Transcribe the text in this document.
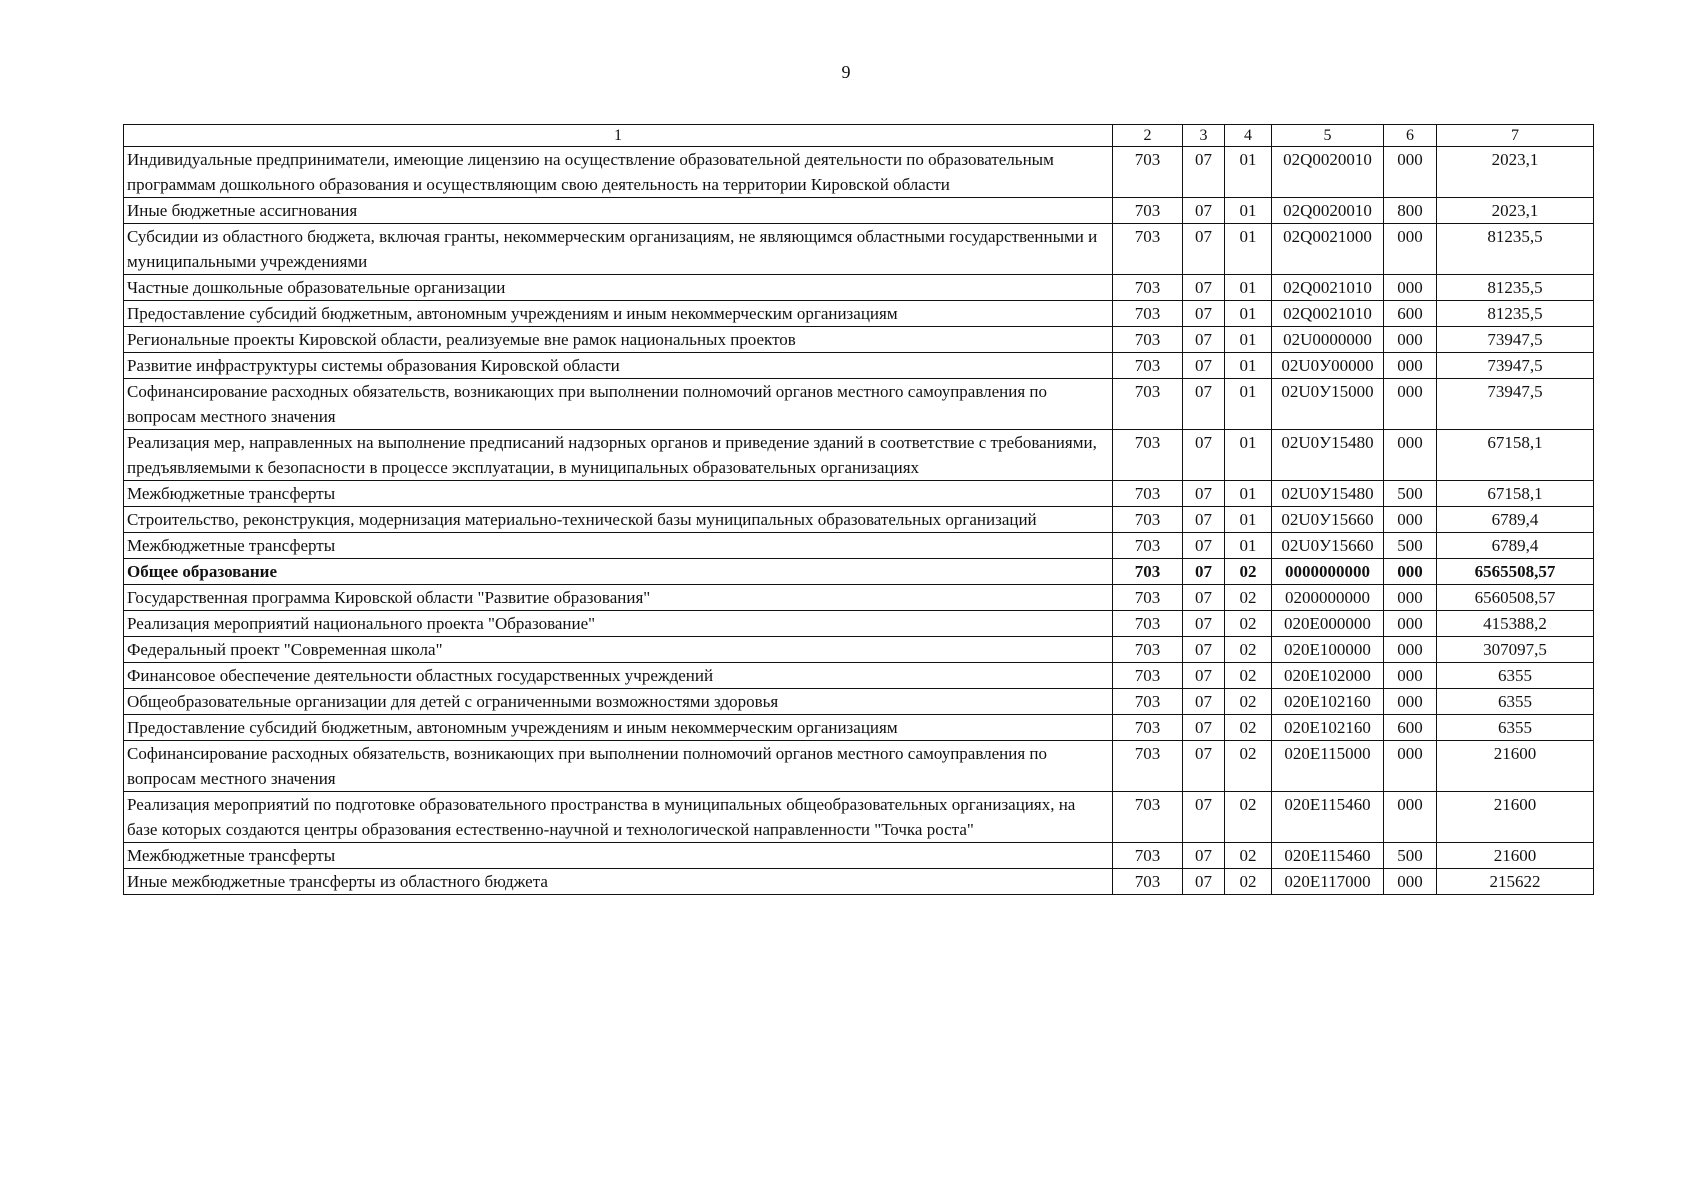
9
1	2	3	4	5	6	7
Индивидуальные предприниматели, имеющие лицензию на осуществление образовательной деятельности по образовательным программам дошкольного образования и осуществляющим свою деятельность на территории Кировской области	703	07	01	02Q0020010	000	2023,1
Иные бюджетные ассигнования	703	07	01	02Q0020010	800	2023,1
Субсидии из областного бюджета, включая гранты, некоммерческим организациям, не являющимся областными государственными и муниципальными учреждениями	703	07	01	02Q0021000	000	81235,5
Частные дошкольные образовательные организации	703	07	01	02Q0021010	000	81235,5
Предоставление субсидий бюджетным, автономным учреждениям и иным некоммерческим организациям	703	07	01	02Q0021010	600	81235,5
Региональные проекты Кировской области, реализуемые вне рамок национальных проектов	703	07	01	02U0000000	000	73947,5
Развитие инфраструктуры системы образования Кировской области	703	07	01	02U0У00000	000	73947,5
Софинансирование расходных обязательств, возникающих при выполнении полномочий органов местного самоуправления по вопросам местного значения	703	07	01	02U0У15000	000	73947,5
Реализация мер, направленных на выполнение предписаний надзорных органов и приведение зданий в соответствие с требованиями, предъявляемыми к безопасности в процессе эксплуатации, в муниципальных образовательных организациях	703	07	01	02U0У15480	000	67158,1
Межбюджетные трансферты	703	07	01	02U0У15480	500	67158,1
Строительство, реконструкция, модернизация материально-технической базы муниципальных образовательных организаций	703	07	01	02U0У15660	000	6789,4
Межбюджетные трансферты	703	07	01	02U0У15660	500	6789,4
Общее образование	703	07	02	0000000000	000	6565508,57
Государственная программа Кировской области "Развитие образования"	703	07	02	0200000000	000	6560508,57
Реализация мероприятий национального проекта "Образование"	703	07	02	020E000000	000	415388,2
Федеральный проект "Современная школа"	703	07	02	020E100000	000	307097,5
Финансовое обеспечение деятельности областных государственных учреждений	703	07	02	020E102000	000	6355
Общеобразовательные организации для детей с ограниченными возможностями здоровья	703	07	02	020E102160	000	6355
Предоставление субсидий бюджетным, автономным учреждениям и иным некоммерческим организациям	703	07	02	020E102160	600	6355
Софинансирование расходных обязательств, возникающих при выполнении полномочий органов местного самоуправления по вопросам местного значения	703	07	02	020E115000	000	21600
Реализация мероприятий по подготовке образовательного пространства в муниципальных общеобразовательных организациях, на базе которых создаются центры образования естественно-научной и технологической направленности "Точка роста"	703	07	02	020E115460	000	21600
Межбюджетные трансферты	703	07	02	020E115460	500	21600
Иные межбюджетные трансферты из областного бюджета	703	07	02	020E117000	000	215622
